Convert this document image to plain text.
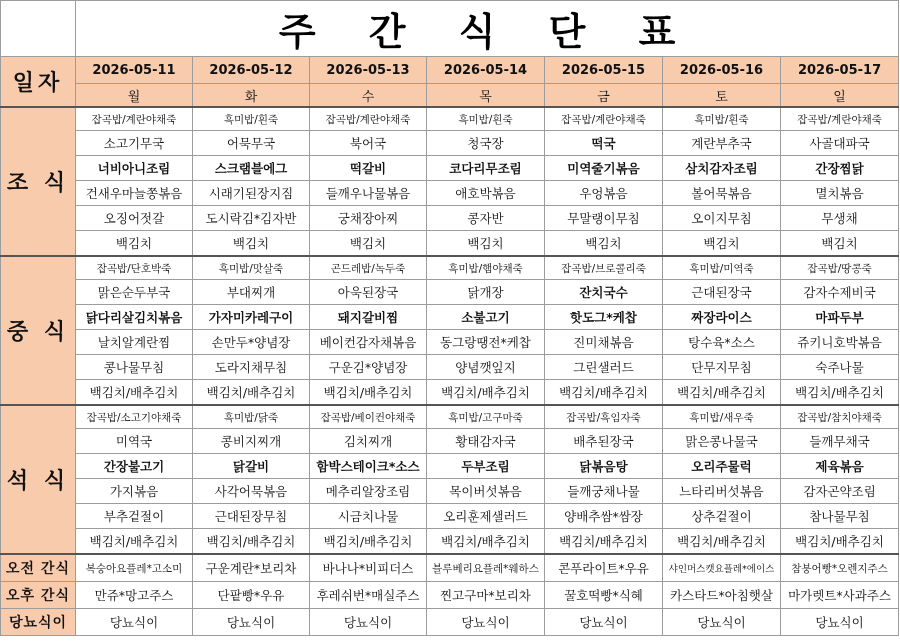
	주 간 식 단 표						
일자	2026-05-11	2026-05-12	2026-05-13	2026-05-14	2026-05-15	2026-05-16	2026-05-17
	월	화	수	목	금	토	일
조 식	잡곡밥/계란야채죽	흑미밥/흰죽	잡곡밥/계란야채죽	흑미밥/흰죽	잡곡밥/계란야채죽	흑미밥/흰죽	잡곡밥/계란야채죽
	소고기무국	어묵무국	북어국	청국장	떡국	계란부추국	사골대파국
	너비아니조림	스크램블에그	떡갈비	코다리무조림	미역줄기볶음	삼치감자조림	간장찜닭
	건새우마늘쫑볶음	시래기된장지짐	들깨우나물볶음	애호박볶음	우엉볶음	볼어묵볶음	멸치볶음
	오징어젓갈	도시락김*김자반	궁채장아찌	콩자반	무말랭이무침	오이지무침	무생채
	백김치	백김치	백김치	백김치	백김치	백김치	백김치
중 식	잡곡밥/단호박죽	흑미밥/맛살죽	곤드레밥/녹두죽	흑미밥/햄야채죽	잡곡밥/브로콜리죽	흑미밥/미역죽	잡곡밥/땅콩죽
	맑은순두부국	부대찌개	아욱된장국	닭개장	잔치국수	근대된장국	감자수제비국
	닭다리살김치볶음	가자미카레구이	돼지갈비찜	소불고기	핫도그*케찹	짜장라이스	마파두부
	날치알계란찜	손만두*양념장	베이컨감자채볶음	동그랑땡전*케찹	진미채볶음	탕수육*소스	쥬키니호박볶음
	콩나물무침	도라지채무침	구운김*양념장	양념깻잎지	그린샐러드	단무지무침	숙주나물
	백김치/배추김치	백김치/배추김치	백김치/배추김치	백김치/배추김치	백김치/배추김치	백김치/배추김치	백김치/배추김치
석 식	잡곡밥/소고기야채죽	흑미밥/닭죽	잡곡밥/베이컨야채죽	흑미밥/고구마죽	잡곡밥/흑임자죽	흑미밥/새우죽	잡곡밥/참치야채죽
	미역국	콩비지찌개	김치찌개	황태감자국	배추된장국	맑은콩나물국	들깨무채국
	간장불고기	닭갈비	함박스테이크*소스	두부조림	닭볶음탕	오리주물럭	제육볶음
	가지볶음	사각어묵볶음	메추리알장조림	목이버섯볶음	들깨궁채나물	느타리버섯볶음	감자곤약조림
	부추겉절이	근대된장무침	시금치나물	오리훈제샐러드	양배추쌈*쌈장	상추겉절이	참나물무침
	백김치/배추김치	백김치/배추김치	백김치/배추김치	백김치/배추김치	백김치/배추김치	백김치/배추김치	백김치/배추김치
오전 간식	복숭아요플레*고소미	구운계란*보리차	바나나*비피더스	블루베리요플레*웨하스	콘푸라이트*우유	샤인머스캣요플레*에이스	참붕어빵*오렌지주스
오후 간식	만쥬*망고주스	단팥빵*우유	후레쉬번*매실주스	찐고구마*보리차	꿀호떡빵*식혜	카스타드*아침햇살	마가렛트*사과주스
당뇨식이	당뇨식이	당뇨식이	당뇨식이	당뇨식이	당뇨식이	당뇨식이	당뇨식이
